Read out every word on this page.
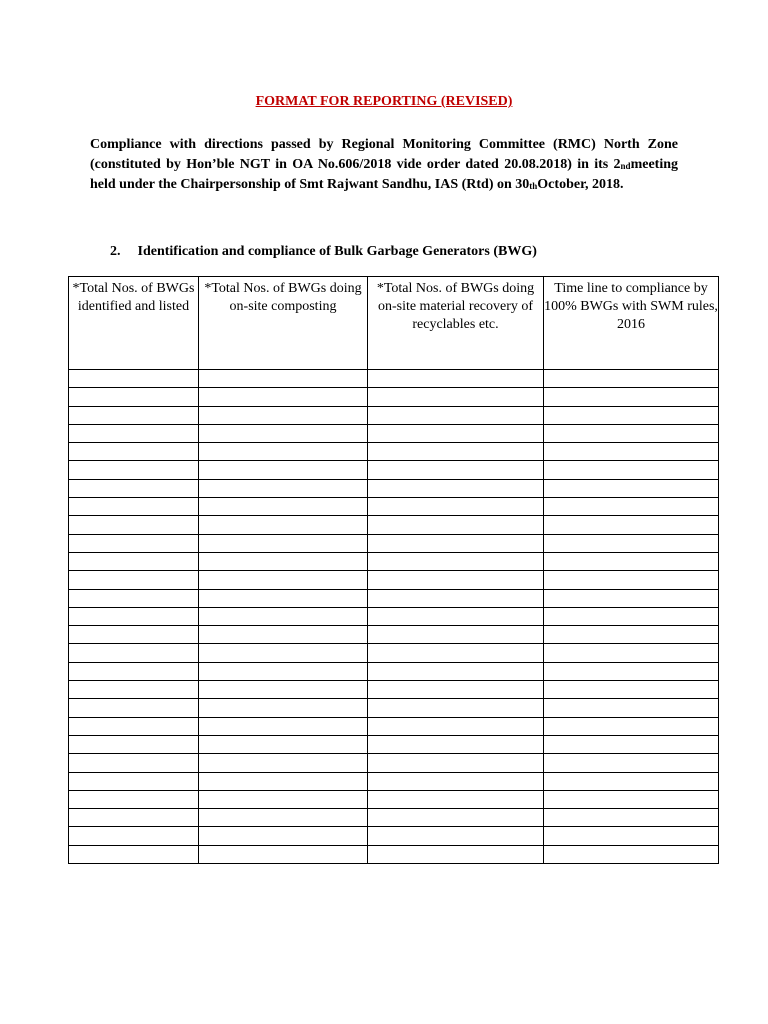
FORMAT FOR REPORTING (REVISED)
Compliance with directions passed by Regional Monitoring Committee (RMC) North Zone (constituted by Hon’ble NGT in OA No.606/2018 vide order dated 20.08.2018) in its $2_{nd}meeting$ held under the Chairpersonship of Smt Rajwant Sandhu, IAS (Rtd) on $30_{th}October$, 2018.
2. Identification and compliance of Bulk Garbage Generators (BWG)
*Total Nos. of BWGs identified and listed	*Total Nos. of BWGs doing on-site composting	*Total Nos. of BWGs doing on-site material recovery of recyclables etc.	Time line to compliance by 100% BWGs with SWM rules, 2016
